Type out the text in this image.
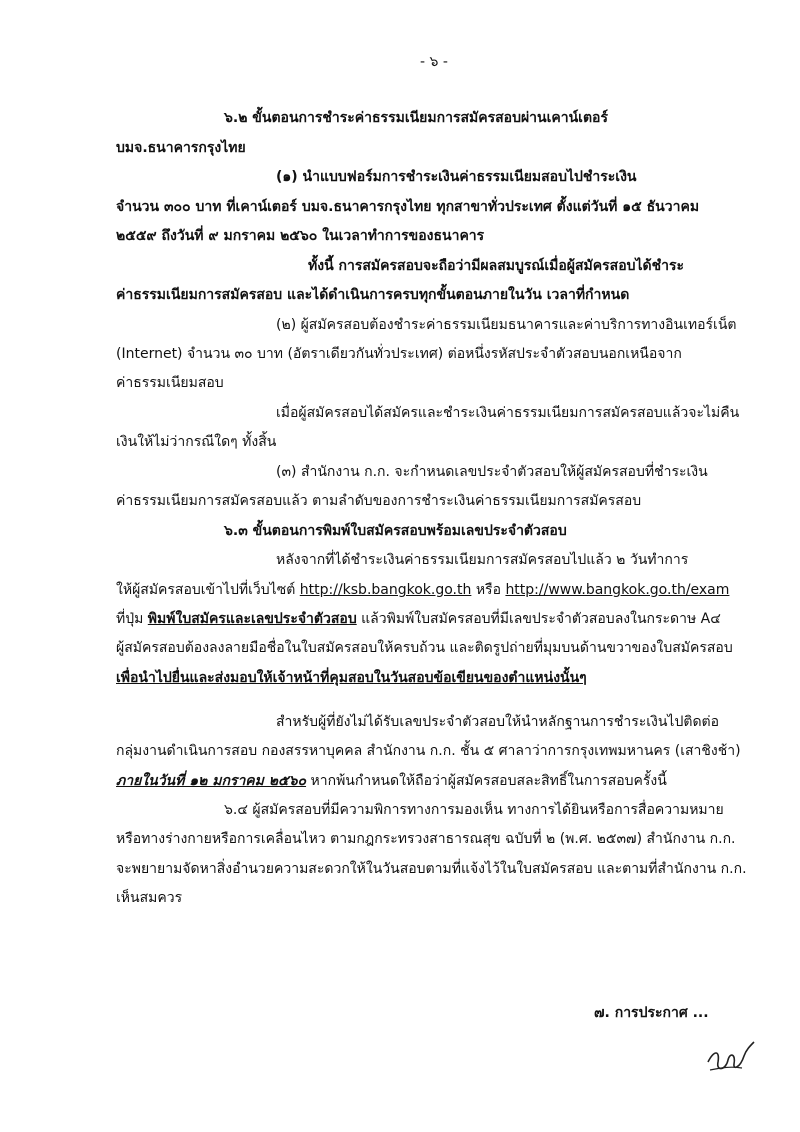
- ๖ -
๖.๒ ขั้นตอนการชำระค่าธรรมเนียมการสมัครสอบผ่านเคาน์เตอร์
บมจ.ธนาคารกรุงไทย
(๑) นำแบบฟอร์มการชำระเงินค่าธรรมเนียมสอบไปชำระเงิน
จำนวน ๓๐๐ บาท ที่เคาน์เตอร์ บมจ.ธนาคารกรุงไทย ทุกสาขาทั่วประเทศ ตั้งแต่วันที่ ๑๕ ธันวาคม
๒๕๕๙ ถึงวันที่ ๙ มกราคม ๒๕๖๐ ในเวลาทำการของธนาคาร
ทั้งนี้ การสมัครสอบจะถือว่ามีผลสมบูรณ์เมื่อผู้สมัครสอบได้ชำระ
ค่าธรรมเนียมการสมัครสอบ และได้ดำเนินการครบทุกขั้นตอนภายในวัน เวลาที่กำหนด
(๒) ผู้สมัครสอบต้องชำระค่าธรรมเนียมธนาคารและค่าบริการทางอินเทอร์เน็ต
(Internet) จำนวน ๓๐ บาท (อัตราเดียวกันทั่วประเทศ) ต่อหนึ่งรหัสประจำตัวสอบนอกเหนือจาก
ค่าธรรมเนียมสอบ
เมื่อผู้สมัครสอบได้สมัครและชำระเงินค่าธรรมเนียมการสมัครสอบแล้วจะไม่คืน
เงินให้ไม่ว่ากรณีใดๆ ทั้งสิ้น
(๓) สำนักงาน ก.ก. จะกำหนดเลขประจำตัวสอบให้ผู้สมัครสอบที่ชำระเงิน
ค่าธรรมเนียมการสมัครสอบแล้ว ตามลำดับของการชำระเงินค่าธรรมเนียมการสมัครสอบ
๖.๓ ขั้นตอนการพิมพ์ใบสมัครสอบพร้อมเลขประจำตัวสอบ
หลังจากที่ได้ชำระเงินค่าธรรมเนียมการสมัครสอบไปแล้ว ๒ วันทำการ
ให้ผู้สมัครสอบเข้าไปที่เว็บไซต์ http://ksb.bangkok.go.th หรือ http://www.bangkok.go.th/exam
ที่ปุ่ม พิมพ์ใบสมัครและเลขประจำตัวสอบ แล้วพิมพ์ใบสมัครสอบที่มีเลขประจำตัวสอบลงในกระดาษ A๔
ผู้สมัครสอบต้องลงลายมือชื่อในใบสมัครสอบให้ครบถ้วน และติดรูปถ่ายที่มุมบนด้านขวาของใบสมัครสอบ
เพื่อนำไปยื่นและส่งมอบให้เจ้าหน้าที่คุมสอบในวันสอบข้อเขียนของตำแหน่งนั้นๆ
สำหรับผู้ที่ยังไม่ได้รับเลขประจำตัวสอบให้นำหลักฐานการชำระเงินไปติดต่อ
กลุ่มงานดำเนินการสอบ กองสรรหาบุคคล สำนักงาน ก.ก. ชั้น ๕ ศาลาว่าการกรุงเทพมหานคร (เสาชิงช้า)
ภายในวันที่ ๑๒ มกราคม ๒๕๖๐ หากพ้นกำหนดให้ถือว่าผู้สมัครสอบสละสิทธิ์ในการสอบครั้งนี้
๖.๔ ผู้สมัครสอบที่มีความพิการทางการมองเห็น ทางการได้ยินหรือการสื่อความหมาย
หรือทางร่างกายหรือการเคลื่อนไหว ตามกฎกระทรวงสาธารณสุข ฉบับที่ ๒ (พ.ศ. ๒๕๓๗) สำนักงาน ก.ก.
จะพยายามจัดหาสิ่งอำนวยความสะดวกให้ในวันสอบตามที่แจ้งไว้ในใบสมัครสอบ และตามที่สำนักงาน ก.ก.
เห็นสมควร
๗. การประกาศ ...
